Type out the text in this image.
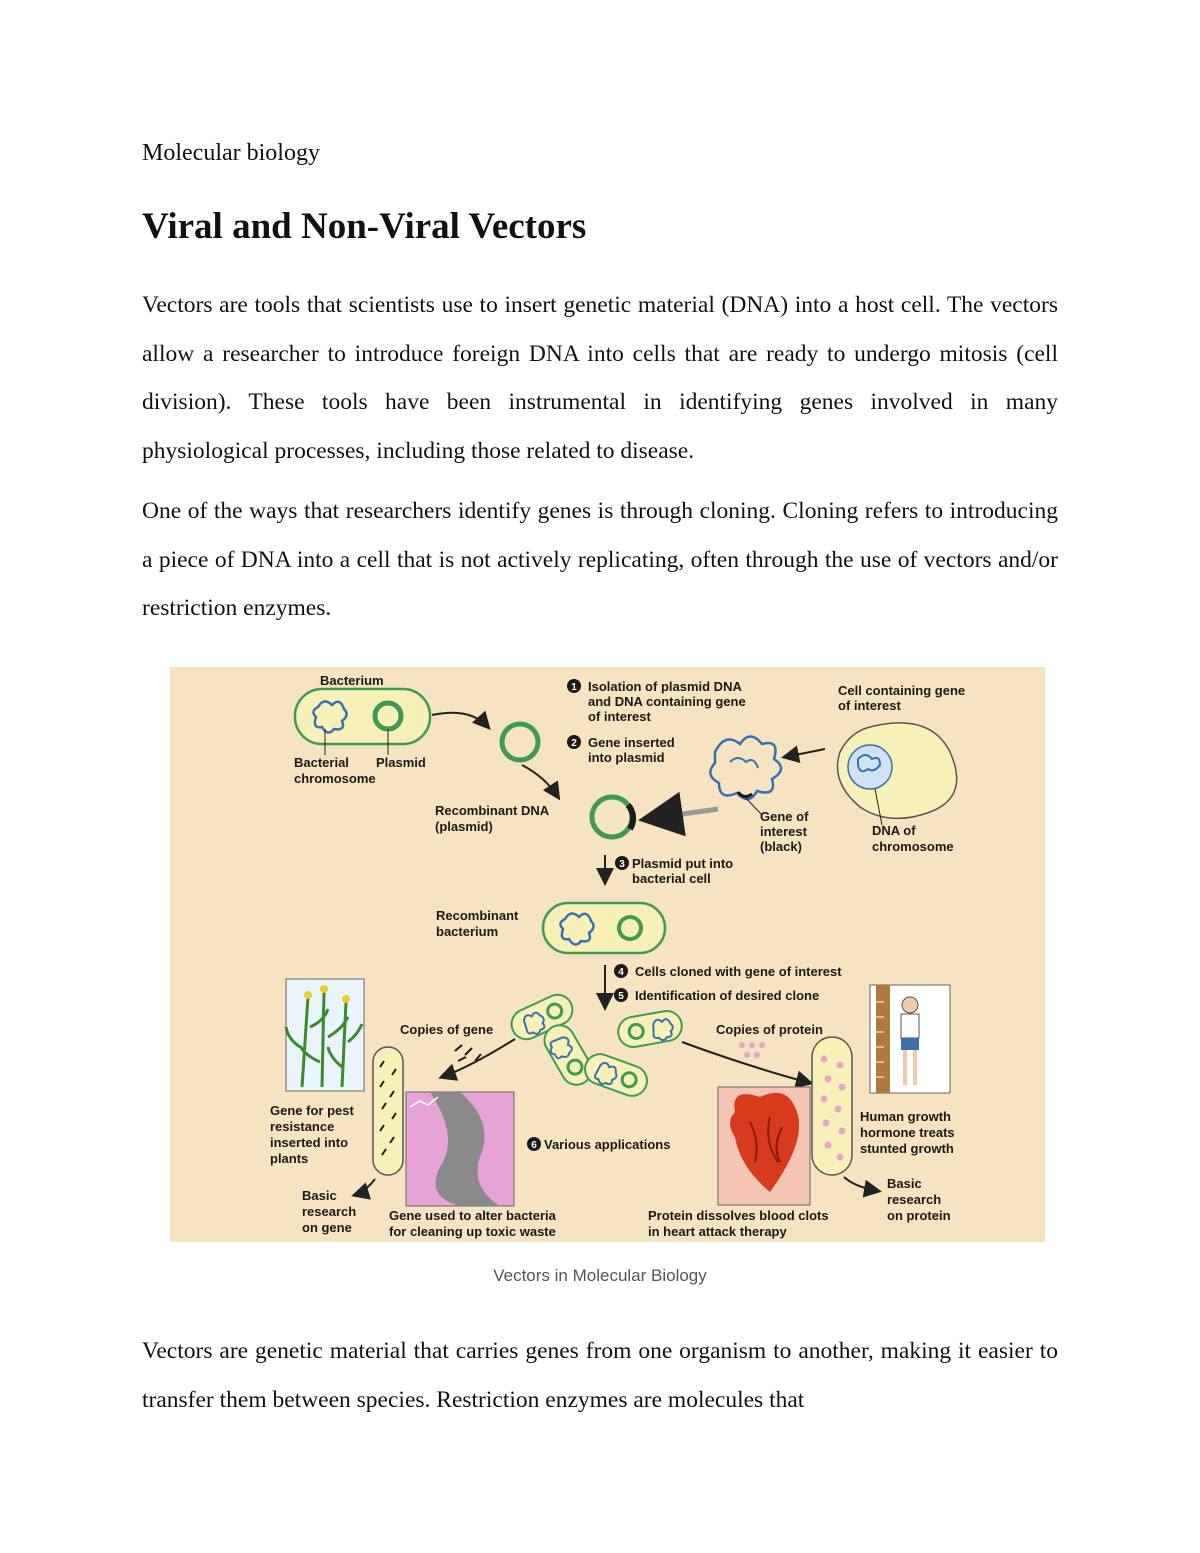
Molecular biology
Viral and Non-Viral Vectors

Vectors are tools that scientists use to insert genetic material (DNA) into a host cell. The vectors allow a researcher to introduce foreign DNA into cells that are ready to undergo mitosis (cell division). These tools have been instrumental in identifying genes involved in many physiological processes, including those related to disease.

One of the ways that researchers identify genes is through cloning. Cloning refers to introducing a piece of DNA into a cell that is not actively replicating, often through the use of vectors and/or restriction enzymes.

Bacterium
Bacterial
chromosome
Plasmid
1 Isolation of plasmid DNA
and DNA containing gene
of interest
2 Gene inserted
into plasmid
Cell containing gene
of interest
Gene of
interest
(black)
DNA of
chromosome
Recombinant DNA
(plasmid)
3 Plasmid put into
bacterial cell
Recombinant
bacterium
4 Cells cloned with gene of interest
5 Identification of desired clone
Copies of gene	Copies of protein
Gene for pest
resistance
inserted into
plants
Basic
research
on gene
Gene used to alter bacteria
for cleaning up toxic waste
6 Various applications
Human growth
hormone treats
stunted growth
Basic
research
on protein
Protein dissolves blood clots
in heart attack therapy
Vectors in Molecular Biology

Vectors are genetic material that carries genes from one organism to another, making it easier to transfer them between species. Restriction enzymes are molecules that
